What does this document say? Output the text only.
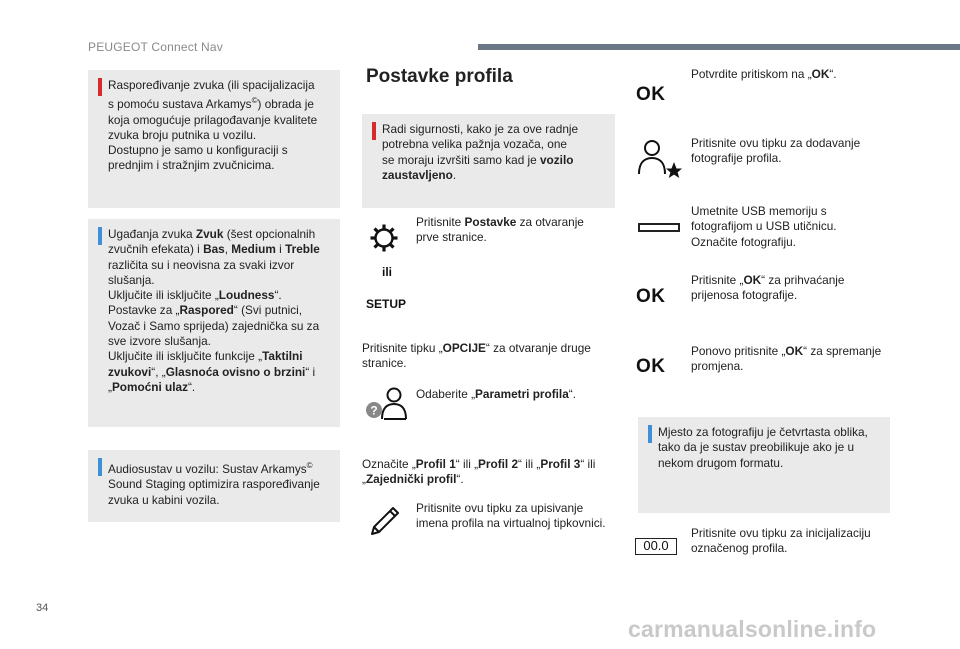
PEUGEOT Connect Nav

Raspoređivanje zvuka (ili spacijalizacija

s pomoću sustava Arkamys©) obrada je

koja omogućuje prilagođavanje kvalitete

zvuka broju putnika u vozilu.

Dostupno je samo u konfiguraciji s

prednjim i stražnjim zvučnicima.

Ugađanja zvuka Zvuk (šest opcionalnih

zvučnih efekata) i Bas, Medium i Treble

različita su i neovisna za svaki izvor

slušanja.

Uključite ili isključite „Loudness“.

Postavke za „Raspored“ (Svi putnici,

Vozač i Samo sprijeda) zajednička su za

sve izvore slušanja.

Uključite ili isključite funkcije „Taktilni

zvukovi“, „Glasnoća ovisno o brzini“ i

„Pomoćni ulaz“.

Audiosustav u vozilu: Sustav Arkamys©

Sound Staging optimizira raspoređivanje

zvuka u kabini vozila.

Postavke profila

Radi sigurnosti, kako je za ove radnje

potrebna velika pažnja vozača, one

se moraju izvršiti samo kad je vozilo

zaustavljeno.

Pritisnite Postavke za otvaranje
prve stranice.
ili
SETUP
Pritisnite tipku „OPCIJE“ za otvaranje druge
stranice.
?
Odaberite „Parametri profila“.
Označite „Profil 1“ ili „Profil 2“ ili „Profil 3“ ili
„Zajednički profil“.
Pritisnite ovu tipku za upisivanje
imena profila na virtualnoj tipkovnici.
OK
Potvrdite pritiskom na „OK“.
Pritisnite ovu tipku za dodavanje
fotografije profila.
Umetnite USB memoriju s
fotografijom u USB utičnicu.
Označite fotografiju.
OK
Pritisnite „OK“ za prihvaćanje
prijenosa fotografije.
OK
Ponovo pritisnite „OK“ za spremanje
promjena.

Mjesto za fotografiju je četvrtasta oblika,

tako da je sustav preobilikuje ako je u

nekom drugom formatu.

00.0
Pritisnite ovu tipku za inicijalizaciju
označenog profila.
34
carmanualsonline.info
